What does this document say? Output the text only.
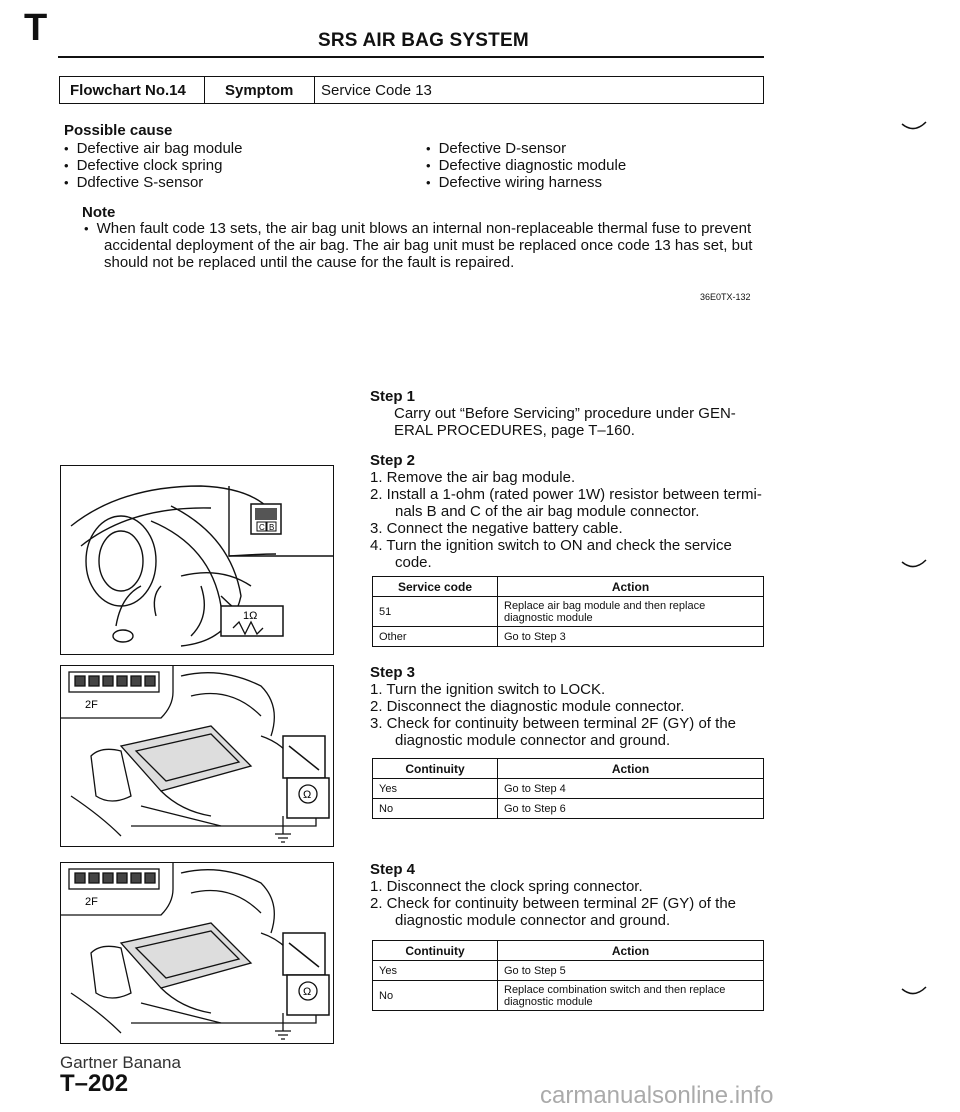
T	SRS AIR BAG SYSTEM
Flowchart No.14	Symptom	Service Code 13
Possible cause
• Defective air bag module
• Defective clock spring
• Ddfective S-sensor
• Defective D-sensor
• Defective diagnostic module
• Defective wiring harness
Note
• When fault code 13 sets, the air bag unit blows an internal non-replaceable thermal fuse to prevent
accidental deployment of the air bag. The air bag unit must be replaced once code 13 has set, but
should not be replaced until the cause for the fault is repaired.
36E0TX-132
Step 1
Carry out “Before Servicing” procedure under GEN-
ERAL PROCEDURES, page T–160.
Step 2
1. Remove the air bag module.
2. Install a 1-ohm (rated power 1W) resistor between termi-
nals B and C of the air bag module connector.
3. Connect the negative battery cable.
4. Turn the ignition switch to ON and check the service
code.
Service code	Action
51	Replace air bag module and then replace
diagnostic module
Other	Go to Step 3
Step 3
1. Turn the ignition switch to LOCK.
2. Disconnect the diagnostic module connector.
3. Check for continuity between terminal 2F (GY) of the
diagnostic module connector and ground.
Continuity	Action
Yes	Go to Step 4
No	Go to Step 6
Step 4
1. Disconnect the clock spring connector.
2. Check for continuity between terminal 2F (GY) of the
diagnostic module connector and ground.
Continuity	Action
Yes	Go to Step 5
No	Replace combination switch and then replace
diagnostic module
C B
1Ω
2F
Ω
2F
Ω
Gartner Banana
T–202	carmanualsonline.info
